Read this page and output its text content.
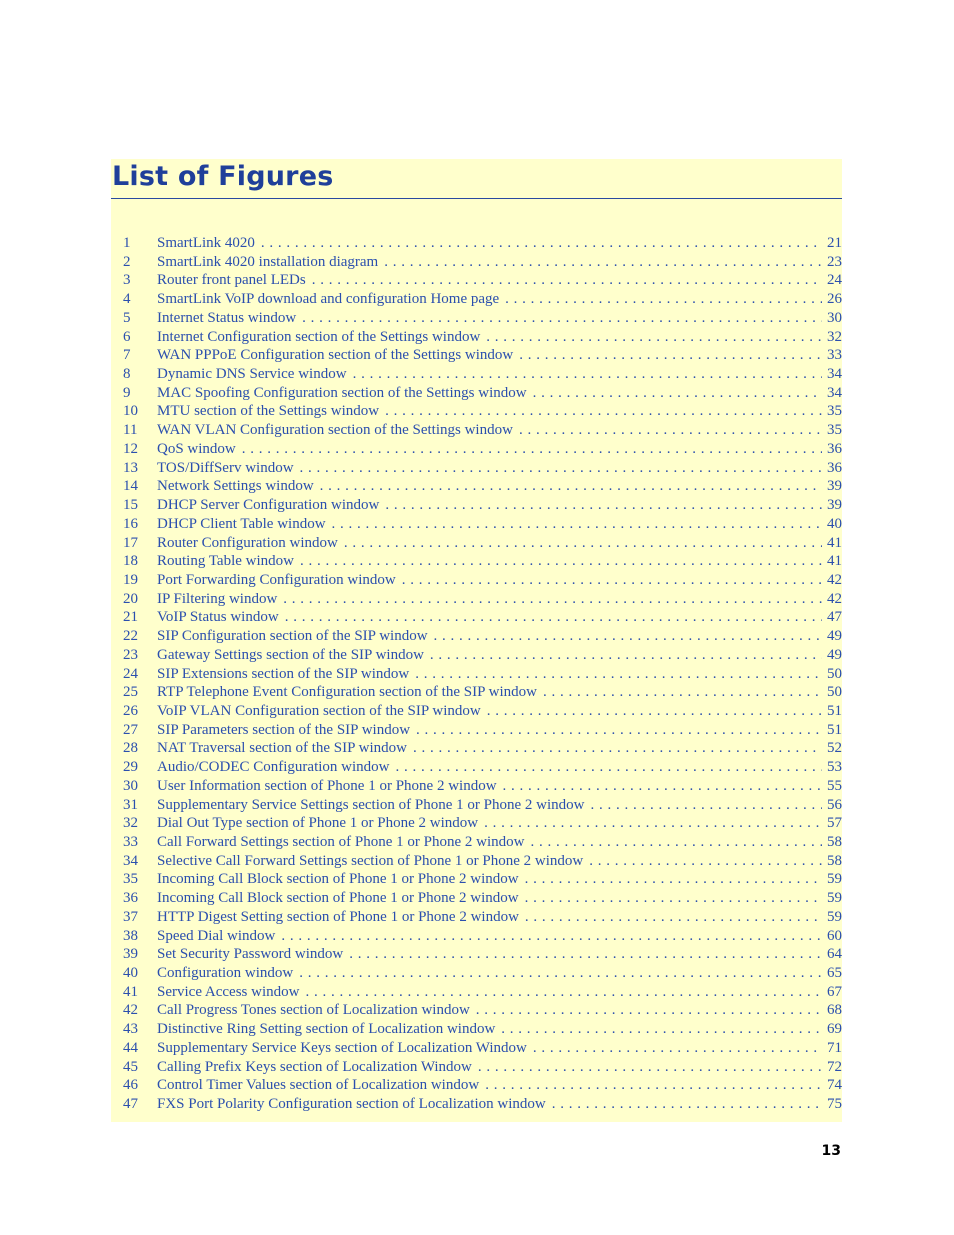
List of Figures
1 SmartLink 4020 . . .	21
2 SmartLink 4020 installation diagram . . .	23
3 Router front panel LEDs . . .	24
4 SmartLink VoIP download and configuration Home page . . .	26
5 Internet Status window . . .	30
6 Internet Configuration section of the Settings window . . .	32
7 WAN PPPoE Configuration section of the Settings window . . .	33
8 Dynamic DNS Service window . . .	34
9 MAC Spoofing Configuration section of the Settings window . . .	34
10 MTU section of the Settings window . . .	35
11 WAN VLAN Configuration section of the Settings window . . .	35
12 QoS window . . .	36
13 TOS/DiffServ window . . .	36
14 Network Settings window . . .	39
15 DHCP Server Configuration window . . .	39
16 DHCP Client Table window . . .	40
17 Router Configuration window . . .	41
18 Routing Table window . . .	41
19 Port Forwarding Configuration window . . .	42
20 IP Filtering window . . .	42
21 VoIP Status window . . .	47
22 SIP Configuration section of the SIP window . . .	49
23 Gateway Settings section of the SIP window . . .	49
24 SIP Extensions section of the SIP window . . .	50
25 RTP Telephone Event Configuration section of the SIP window . . .	50
26 VoIP VLAN Configuration section of the SIP window . . .	51
27 SIP Parameters section of the SIP window . . .	51
28 NAT Traversal section of the SIP window . . .	52
29 Audio/CODEC Configuration window . . .	53
30 User Information section of Phone 1 or Phone 2 window . . .	55
31 Supplementary Service Settings section of Phone 1 or Phone 2 window . . .	56
32 Dial Out Type section of Phone 1 or Phone 2 window . . .	57
33 Call Forward Settings section of Phone 1 or Phone 2 window . . .	58
34 Selective Call Forward Settings section of Phone 1 or Phone 2 window . . .	58
35 Incoming Call Block section of Phone 1 or Phone 2 window . . .	59
36 Incoming Call Block section of Phone 1 or Phone 2 window . . .	59
37 HTTP Digest Setting section of Phone 1 or Phone 2 window . . .	59
38 Speed Dial window . . .	60
39 Set Security Password window . . .	64
40 Configuration window . . .	65
41 Service Access window . . .	67
42 Call Progress Tones section of Localization window . . .	68
43 Distinctive Ring Setting section of Localization window . . .	69
44 Supplementary Service Keys section of Localization Window . . .	71
45 Calling Prefix Keys section of Localization Window . . .	72
46 Control Timer Values section of Localization window . . .	74
47 FXS Port Polarity Configuration section of Localization window . . .	75
13
